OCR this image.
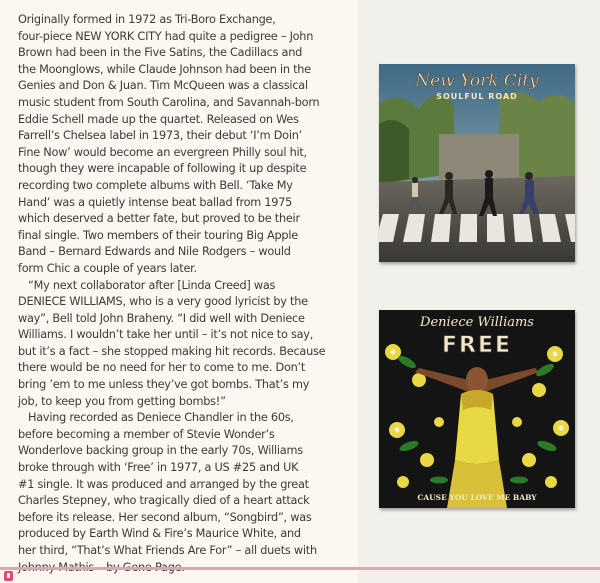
Originally formed in 1972 as Tri-Boro Exchange,
four-piece NEW YORK CITY had quite a pedigree – John
Brown had been in the Five Satins, the Cadillacs and
the Moonglows, while Claude Johnson had been in the
Genies and Don & Juan. Tim McQueen was a classical
music student from South Carolina, and Savannah-born
Eddie Schell made up the quartet. Released on Wes
Farrell’s Chelsea label in 1973, their debut ‘I’m Doin’
Fine Now’ would become an evergreen Philly soul hit,
though they were incapable of following it up despite
recording two complete albums with Bell. ‘Take My
Hand’ was a quietly intense beat ballad from 1975
which deserved a better fate, but proved to be their
final single. Two members of their touring Big Apple
Band – Bernard Edwards and Nile Rodgers – would
form Chic a couple of years later.
“My next collaborator after [Linda Creed] was
DENIECE WILLIAMS, who is a very good lyricist by the
way”, Bell told John Braheny. “I did well with Deniece
Williams. I wouldn’t take her until – it’s not nice to say,
but it’s a fact – she stopped making hit records. Because
there would be no need for her to come to me. Don’t
bring ’em to me unless they’ve got bombs. That’s my
job, to keep you from getting bombs!”
Having recorded as Deniece Chandler in the 60s,
before becoming a member of Stevie Wonder’s
Wonderlove backing group in the early 70s, Williams
broke through with ‘Free’ in 1977, a US #25 and UK
#1 single. It was produced and arranged by the great
Charles Stepney, who tragically died of a heart attack
before its release. Her second album, “Songbird”, was
produced by Earth Wind & Fire’s Maurice White, and
her third, “That’s What Friends Are For” – all duets with
New York City
SOULFUL ROAD
Deniece Williams
FREE
CAUSE YOU LOVE ME BABY
